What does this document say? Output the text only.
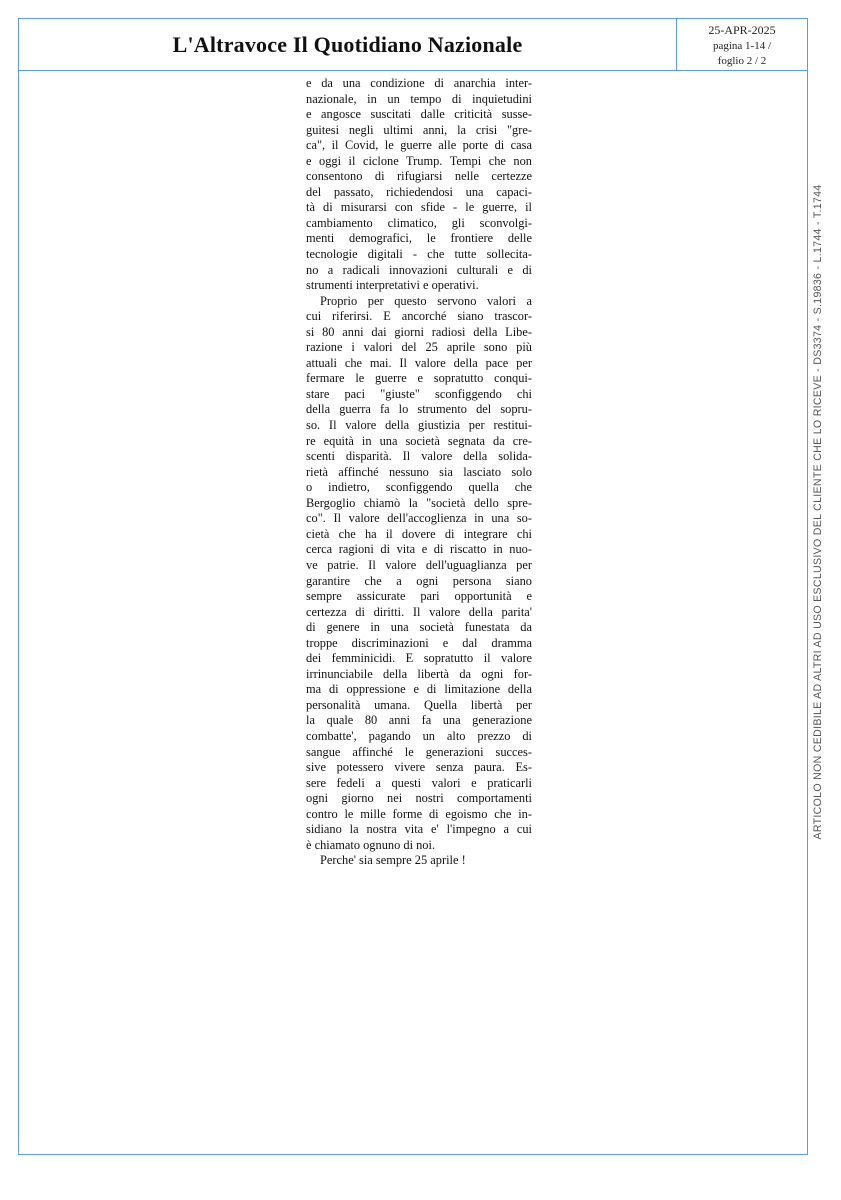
L'Altravoce Il Quotidiano Nazionale
25-APR-2025
pagina 1-14 /
foglio 2 / 2
e da una condizione di anarchia inter-
nazionale, in un tempo di inquietudini
e angosce suscitati dalle criticità susse-
guitesi negli ultimi anni, la crisi "gre-
ca", il Covid, le guerre alle porte di casa
e oggi il ciclone Trump. Tempi che non
consentono di rifugiarsi nelle certezze
del passato, richiedendosi una capaci-
tà di misurarsi con sfide - le guerre, il
cambiamento climatico, gli sconvolgi-
menti demografici, le frontiere delle
tecnologie digitali - che tutte sollecita-
no a radicali innovazioni culturali e di
strumenti interpretativi e operativi.
Proprio per questo servono valori a
cui riferirsi. E ancorché siano trascor-
si 80 anni dai giorni radiosi della Libe-
razione i valori del 25 aprile sono più
attuali che mai. Il valore della pace per
fermare le guerre e sopratutto conqui-
stare paci "giuste" sconfiggendo chi
della guerra fa lo strumento del sopru-
so. Il valore della giustizia per restitui-
re equità in una società segnata da cre-
scenti disparità. Il valore della solida-
rietà affinché nessuno sia lasciato solo
o indietro, sconfiggendo quella che
Bergoglio chiamò la "società dello spre-
co". Il valore dell'accoglienza in una so-
cietà che ha il dovere di integrare chi
cerca ragioni di vita e di riscatto in nuo-
ve patrie. Il valore dell'uguaglianza per
garantire che a ogni persona siano
sempre assicurate pari opportunità e
certezza di diritti. Il valore della parita'
di genere in una società funestata da
troppe discriminazioni e dal dramma
dei femminicidi. E sopratutto il valore
irrinunciabile della libertà da ogni for-
ma di oppressione e di limitazione della
personalità umana. Quella libertà per
la quale 80 anni fa una generazione
combatte', pagando un alto prezzo di
sangue affinché le generazioni succes-
sive potessero vivere senza paura. Es-
sere fedeli a questi valori e praticarli
ogni giorno nei nostri comportamenti
contro le mille forme di egoismo che in-
sidiano la nostra vita e' l'impegno a cui
è chiamato ognuno di noi.
Perche' sia sempre 25 aprile !
ARTICOLO NON CEDIBILE AD ALTRI AD USO ESCLUSIVO DEL CLIENTE CHE LO RICEVE - DS3374 - S.19836 - L.1744 - T.1744
